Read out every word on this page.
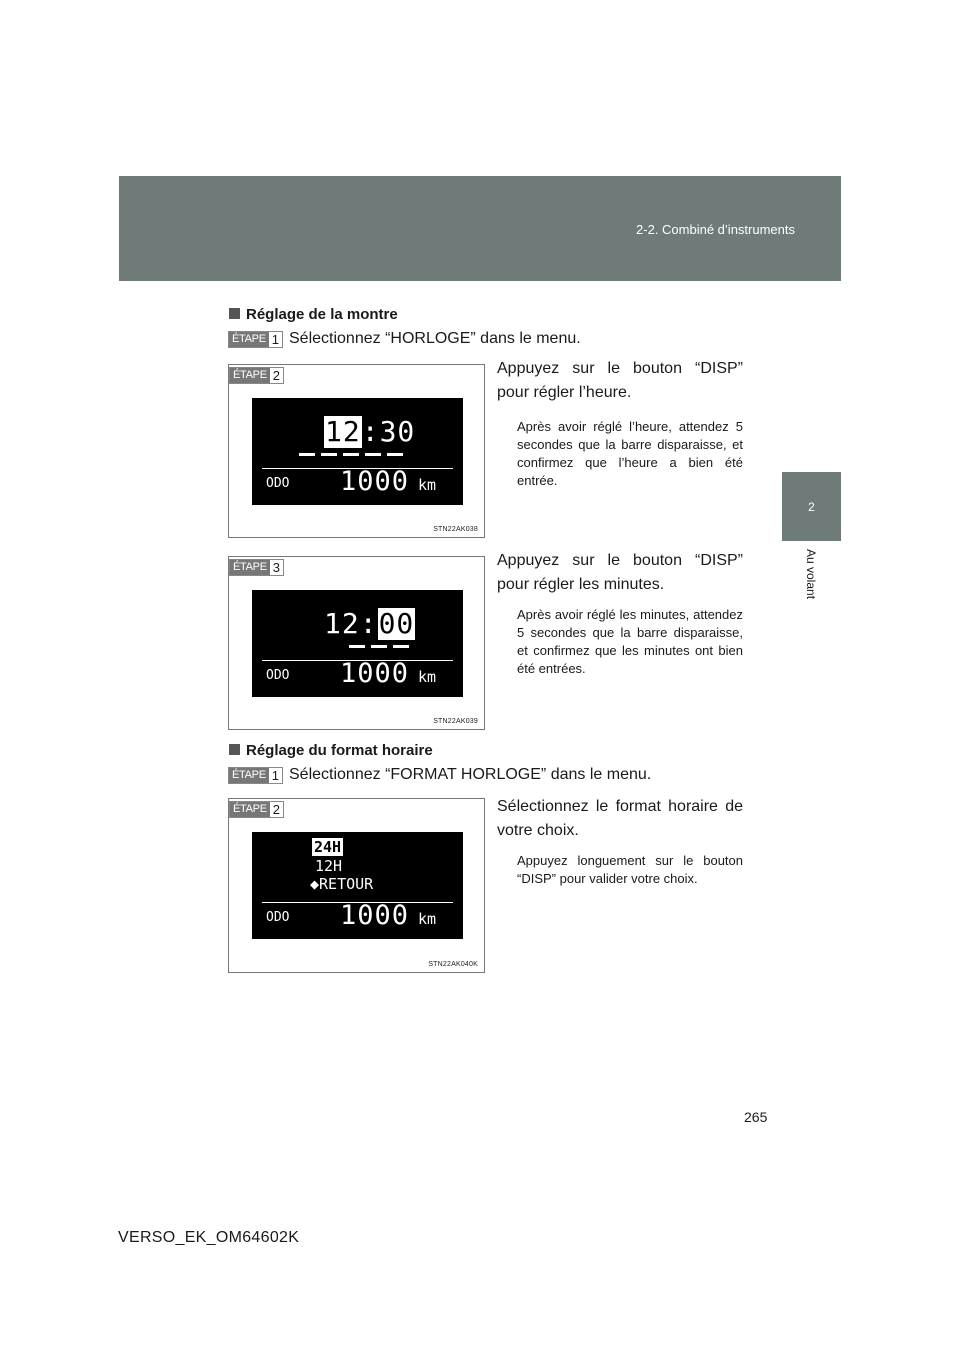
2-2. Combiné d’instruments
2
Au volant
Réglage de la montre
ÉTAPE 1 Sélectionnez “HORLOGE” dans le menu.
ÉTAPE 2
12 : 30
ODO 1000 km
STN22AK038
Appuyez sur le bouton “DISP” pour régler l’heure.
Après avoir réglé l’heure, attendez 5 secondes que la barre disparaisse, et confirmez que l’heure a bien été entrée.
ÉTAPE 3
12 : 00
ODO 1000 km
STN22AK039
Appuyez sur le bouton “DISP” pour régler les minutes.
Après avoir réglé les minutes, attendez 5 secondes que la barre disparaisse, et confirmez que les minutes ont bien été entrées.
Réglage du format horaire
ÉTAPE 1 Sélectionnez “FORMAT HORLOGE” dans le menu.
ÉTAPE 2
24H
12H
◆RETOUR
ODO 1000 km
STN22AK040K
Sélectionnez le format horaire de votre choix.
Appuyez longuement sur le bouton “DISP” pour valider votre choix.
265
VERSO_EK_OM64602K
